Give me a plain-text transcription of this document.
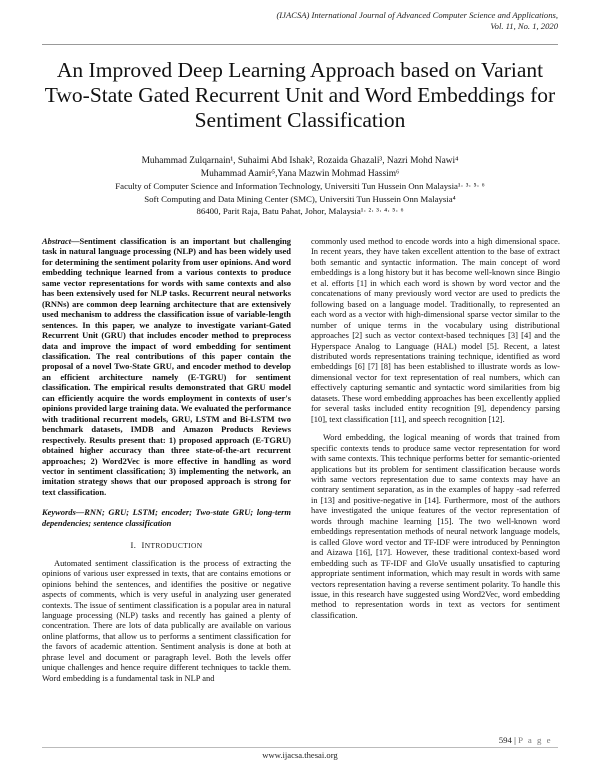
(IJACSA) International Journal of Advanced Computer Science and Applications,
Vol. 11, No. 1, 2020
An Improved Deep Learning Approach based on Variant Two-State Gated Recurrent Unit and Word Embeddings for Sentiment Classification
Muhammad Zulqarnain¹, Suhaimi Abd Ishak², Rozaida Ghazali³, Nazri Mohd Nawi⁴
Muhammad Aamir⁵,Yana Mazwin Mohmad Hassim⁶
Faculty of Computer Science and Information Technology, Universiti Tun Hussein Onn Malaysia¹· ³· ⁵· ⁶
Soft Computing and Data Mining Center (SMC), Universiti Tun Hussein Onn Malaysia⁴
86400, Parit Raja, Batu Pahat, Johor, Malaysia¹· ²· ³· ⁴· ⁵· ⁶
Abstract—Sentiment classification is an important but challenging task in natural language processing (NLP) and has been widely used for determining the sentiment polarity from user opinions. And word embedding technique learned from a various contexts to produce same vector representations for words with same contexts and also has been extensively used for NLP tasks. Recurrent neural networks (RNNs) are common deep learning architecture that are extensively used mechanism to address the classification issue of variable-length sentences. In this paper, we analyze to investigate variant-Gated Recurrent Unit (GRU) that includes encoder method to preprocess data and improve the impact of word embedding for sentiment classification. The real contributions of this paper contain the proposal of a novel Two-State GRU, and encoder method to develop an efficient architecture namely (E-TGRU) for sentiment classification. The empirical results demonstrated that GRU model can efficiently acquire the words employment in contexts of user's opinions provided large training data. We evaluated the performance with traditional recurrent models, GRU, LSTM and Bi-LSTM two benchmark datasets, IMDB and Amazon Products Reviews respectively. Results present that: 1) proposed approach (E-TGRU) obtained higher accuracy than three state-of-the-art recurrent approaches; 2) Word2Vec is more effective in handling as word vector in sentiment classification; 3) implementing the network, an imitation strategy shows that our proposed approach is strong for text classification.
Keywords—RNN; GRU; LSTM; encoder; Two-state GRU; long-term dependencies; sentence classification
I. INTRODUCTION

Automated sentiment classification is the process of extracting the opinions of various user expressed in texts, that are contains emotions or opinions behind the sentences, and identifies the positive or negative aspects of comments, which is very useful in analyzing user generated contexts. The issue of sentiment classification is a popular area in natural language processing (NLP) tasks and recently has gained a plenty of concentration. There are lots of data publically are available on various online platforms, that allow us to performs a sentiment classification for the favors of academic attention. Sentiment analysis is done at both at phrase level and document or paragraph level. Both the levels offer unique challenges and hence require different techniques to tackle them. Word embedding is a fundamental task in NLP and

commonly used method to encode words into a high dimensional space. In recent years, they have taken excellent attention to the base of extract both semantic and syntactic information. The main concept of word embeddings is a long history but it has become well-known since Bingio et al. efforts [1] in which each word is shown by word vector and the concatenations of many previously word vector are used to predicts the following based on a language model. Traditionally, to represented an each word as a vector with high-dimensional sparse vector similar to the number of unique terms in the vocabulary using distributional approaches [2] such as vector context-based techniques [3] [4] and the Hyperspace Analog to Language (HAL) model [5]. Recent, a latest distributed words representations training technique, identified as word embeddings [6] [7] [8] has been established to illustrate words as low-dimensional vector for text representation of real numbers, which can effectively capturing semantic and syntactic word similarities from big datasets. These word embedding approaches has been excellently applied for several tasks included entity recognition [9], dependency parsing [10], text classification [11], and speech recognition [12].

Word embedding, the logical meaning of words that trained from specific contexts tends to produce same vector representation for word with same contexts. This technique performs better for semantic-oriented applications but its problem for sentiment classification because words with same vectors representation due to same contexts may have an contrary sentiment separation, as in the examples of happy -sad referred in [13] and positive-negative in [14]. Furthermore, most of the authors have investigated the unique features of the vector representation of words through machine learning [15]. The two well-known word embeddings representation methods of neural network language models, is called Glove word vector and TF-IDF were introduced by Pennington and Aizawa [16], [17]. However, these traditional context-based word embedding such as TF-IDF and GloVe usually unsatisfied to capturing appropriate sentiment information, which may result in words with same vectors representation having a reverse sentiment polarity. To handle this issue, in this research have suggested using Word2Vec, word embedding method to representation words in text as vectors for sentiment classification.

594 | P a g e
www.ijacsa.thesai.org
